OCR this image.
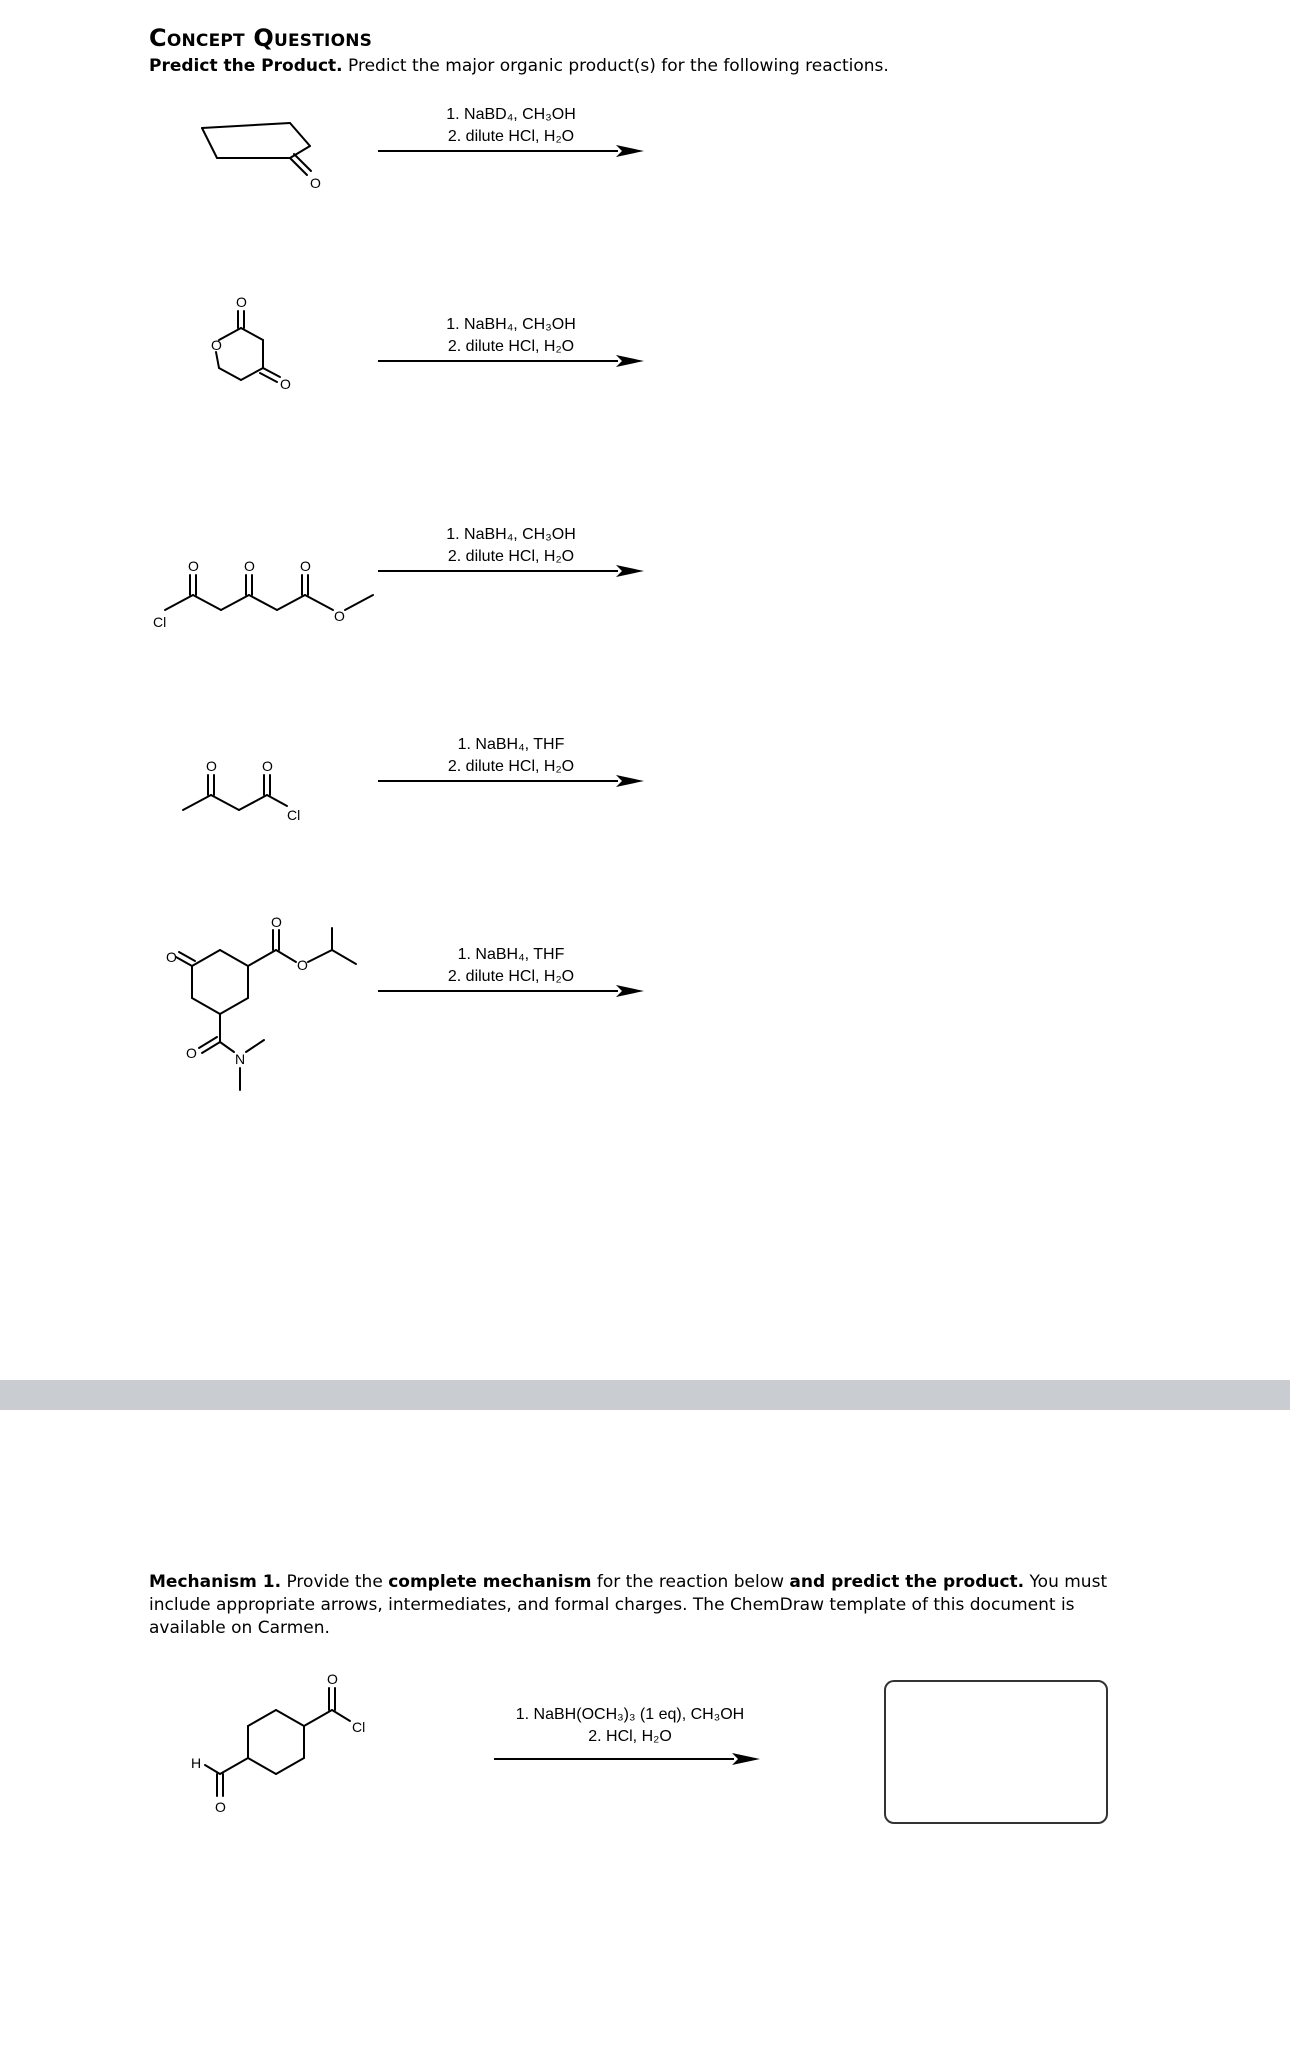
Concept Questions

Predict the Product. Predict the major organic product(s) for the following reactions.

O
1. NaBD₄, CH₃OH
2. dilute HCl, H₂O
O
O
O
1. NaBH₄, CH₃OH
2. dilute HCl, H₂O
Cl
O	O	O
O
1. NaBH₄, CH₃OH
2. dilute HCl, H₂O
O	O
Cl
1. NaBH₄, THF
2. dilute HCl, H₂O
O
O
O
O	N
1. NaBH₄, THF
2. dilute HCl, H₂O

Mechanism 1. Provide the complete mechanism for the reaction below and predict the product. You must include appropriate arrows, intermediates, and formal charges. The ChemDraw template of this document is available on Carmen.

O
Cl
H
O
1. NaBH(OCH₃)₃ (1 eq), CH₃OH
2. HCl, H₂O
